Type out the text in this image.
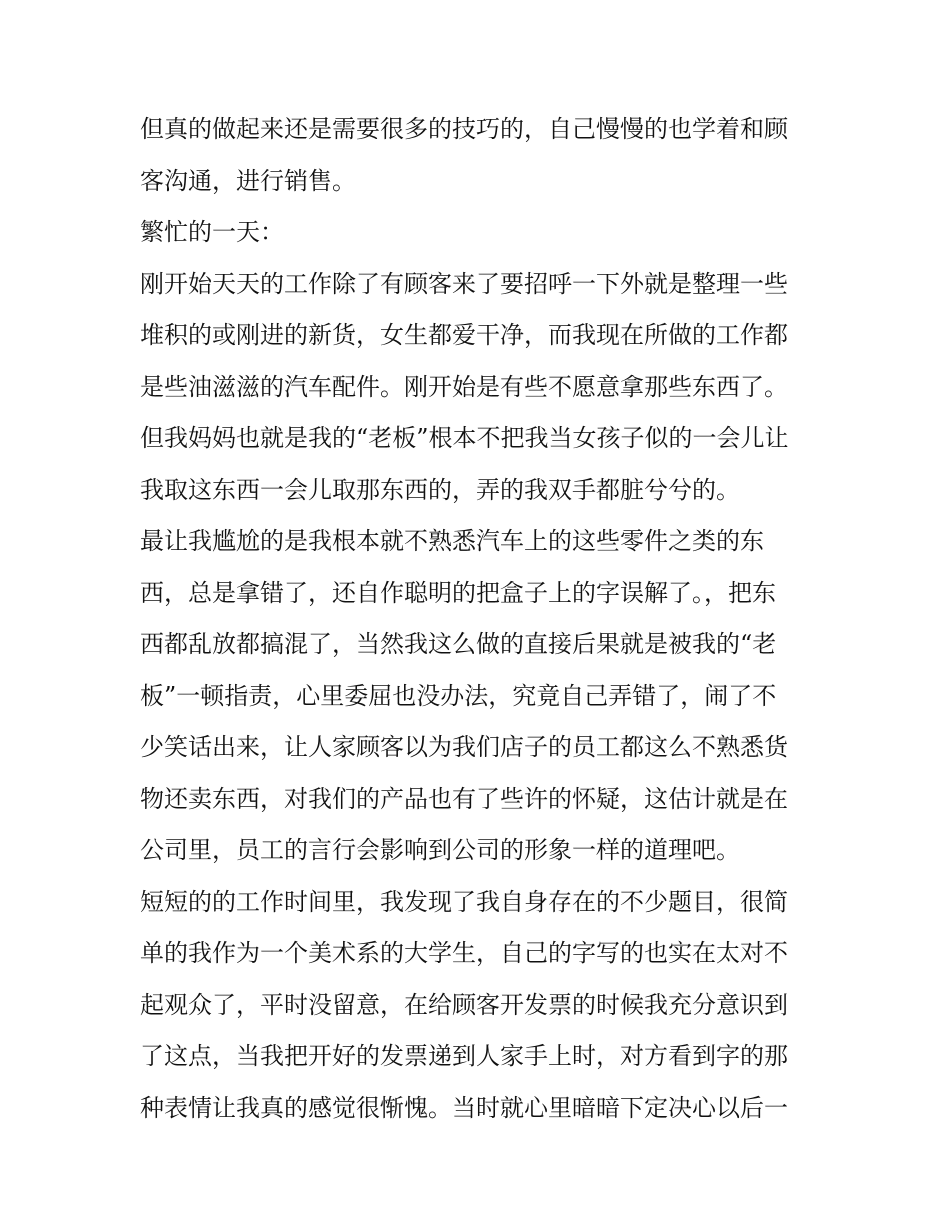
但真的做起来还是需要很多的技巧的，自己慢慢的也学着和顾
客沟通，进行销售。
繁忙的一天：
刚开始天天的工作除了有顾客来了要招呼一下外就是整理一些
堆积的或刚进的新货，女生都爱干净，而我现在所做的工作都
是些油滋滋的汽车配件。刚开始是有些不愿意拿那些东西了。
但我妈妈也就是我的“老板”根本不把我当女孩子似的一会儿让
我取这东西一会儿取那东西的，弄的我双手都脏兮兮的。
最让我尴尬的是我根本就不熟悉汽车上的这些零件之类的东
西，总是拿错了，还自作聪明的把盒子上的字误解了。，把东
西都乱放都搞混了，当然我这么做的直接后果就是被我的“老
板”一顿指责，心里委屈也没办法，究竟自己弄错了，闹了不
少笑话出来，让人家顾客以为我们店子的员工都这么不熟悉货
物还卖东西，对我们的产品也有了些许的怀疑，这估计就是在
公司里，员工的言行会影响到公司的形象一样的道理吧。
短短的的工作时间里，我发现了我自身存在的不少题目，很简
单的我作为一个美术系的大学生，自己的字写的也实在太对不
起观众了，平时没留意，在给顾客开发票的时候我充分意识到
了这点，当我把开好的发票递到人家手上时，对方看到字的那
种表情让我真的感觉很惭愧。当时就心里暗暗下定决心以后一
